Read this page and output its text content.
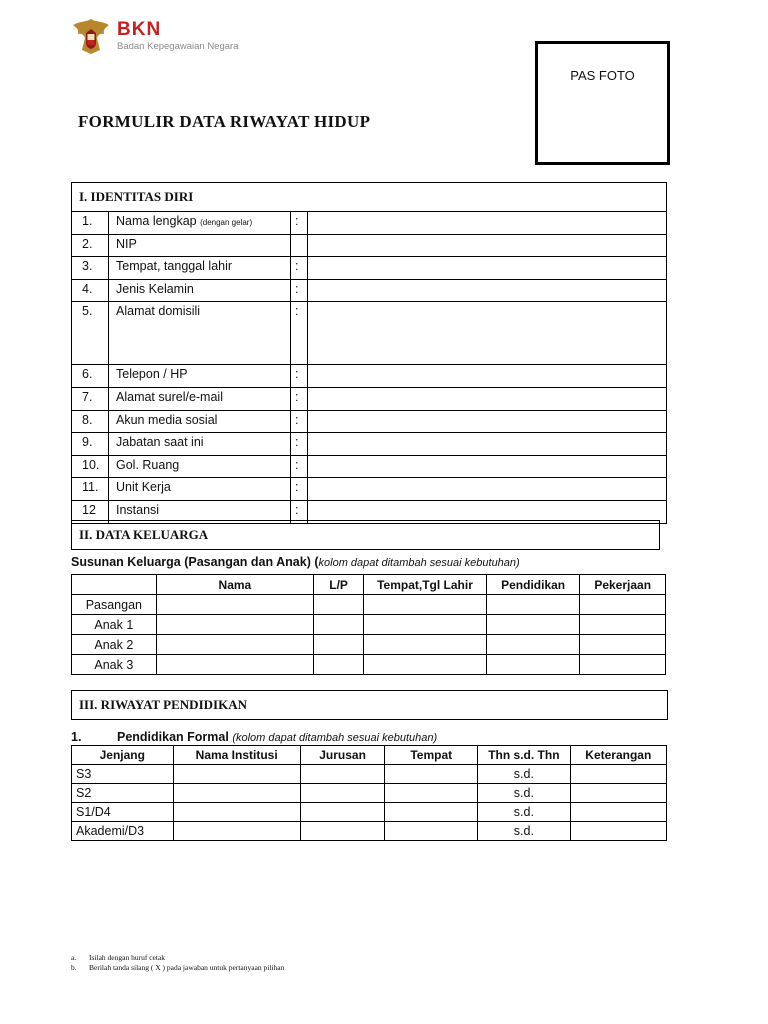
BKN
Badan Kepegawaian Negara
PAS FOTO
FORMULIR DATA RIWAYAT HIDUP
I. IDENTITAS DIRI
1.	Nama lengkap (dengan gelar)	:	
2.	NIP		
3.	Tempat, tanggal lahir	:	
4.	Jenis Kelamin	:	
5.	Alamat domisili	:	
6.	Telepon / HP	:	
7.	Alamat surel/e-mail	:	
8.	Akun media sosial	:	
9.	Jabatan saat ini	:	
10.	Gol. Ruang	:	
11.	Unit Kerja	:	
12	Instansi	:	
II. DATA KELUARGA
Susunan Keluarga (Pasangan dan Anak) (kolom dapat ditambah sesuai kebutuhan)
	Nama	L/P	Tempat,Tgl Lahir	Pendidikan	Pekerjaan
Pasangan					
Anak 1					
Anak 2					
Anak 3					
III. RIWAYAT PENDIDIKAN
1.	Pendidikan Formal (kolom dapat ditambah sesuai kebutuhan)
Jenjang	Nama Institusi	Jurusan	Tempat	Thn s.d. Thn	Keterangan
S3				s.d.	
S2				s.d.	
S1/D4				s.d.	
Akademi/D3				s.d.	
a. Isilah dengan huruf cetak
b. Berilah tanda silang ( X ) pada jawaban untuk pertanyaan pilihan
